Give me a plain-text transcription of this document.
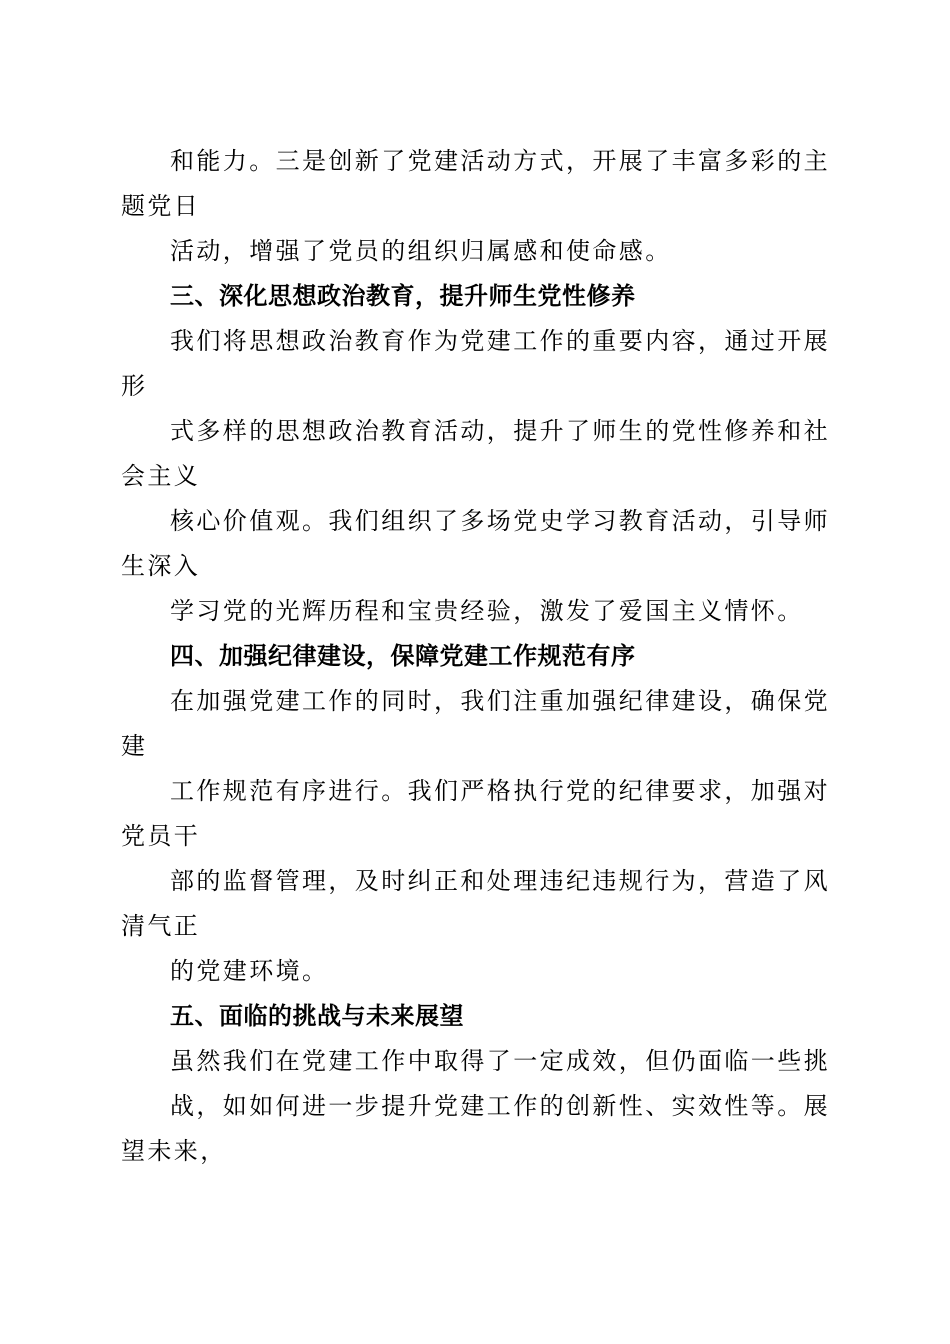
和能力。三是创新了党建活动方式，开展了丰富多彩的主
题党日
活动，增强了党员的组织归属感和使命感。
三、深化思想政治教育，提升师生党性修养
我们将思想政治教育作为党建工作的重要内容，通过开展
形
式多样的思想政治教育活动，提升了师生的党性修养和社
会主义
核心价值观。我们组织了多场党史学习教育活动，引导师
生深入
学习党的光辉历程和宝贵经验，激发了爱国主义情怀。
四、加强纪律建设，保障党建工作规范有序
在加强党建工作的同时，我们注重加强纪律建设，确保党
建
工作规范有序进行。我们严格执行党的纪律要求，加强对
党员干
部的监督管理，及时纠正和处理违纪违规行为，营造了风
清气正
的党建环境。
五、面临的挑战与未来展望
虽然我们在党建工作中取得了一定成效，但仍面临一些挑
战，如如何进一步提升党建工作的创新性、实效性等。展
望未来，
